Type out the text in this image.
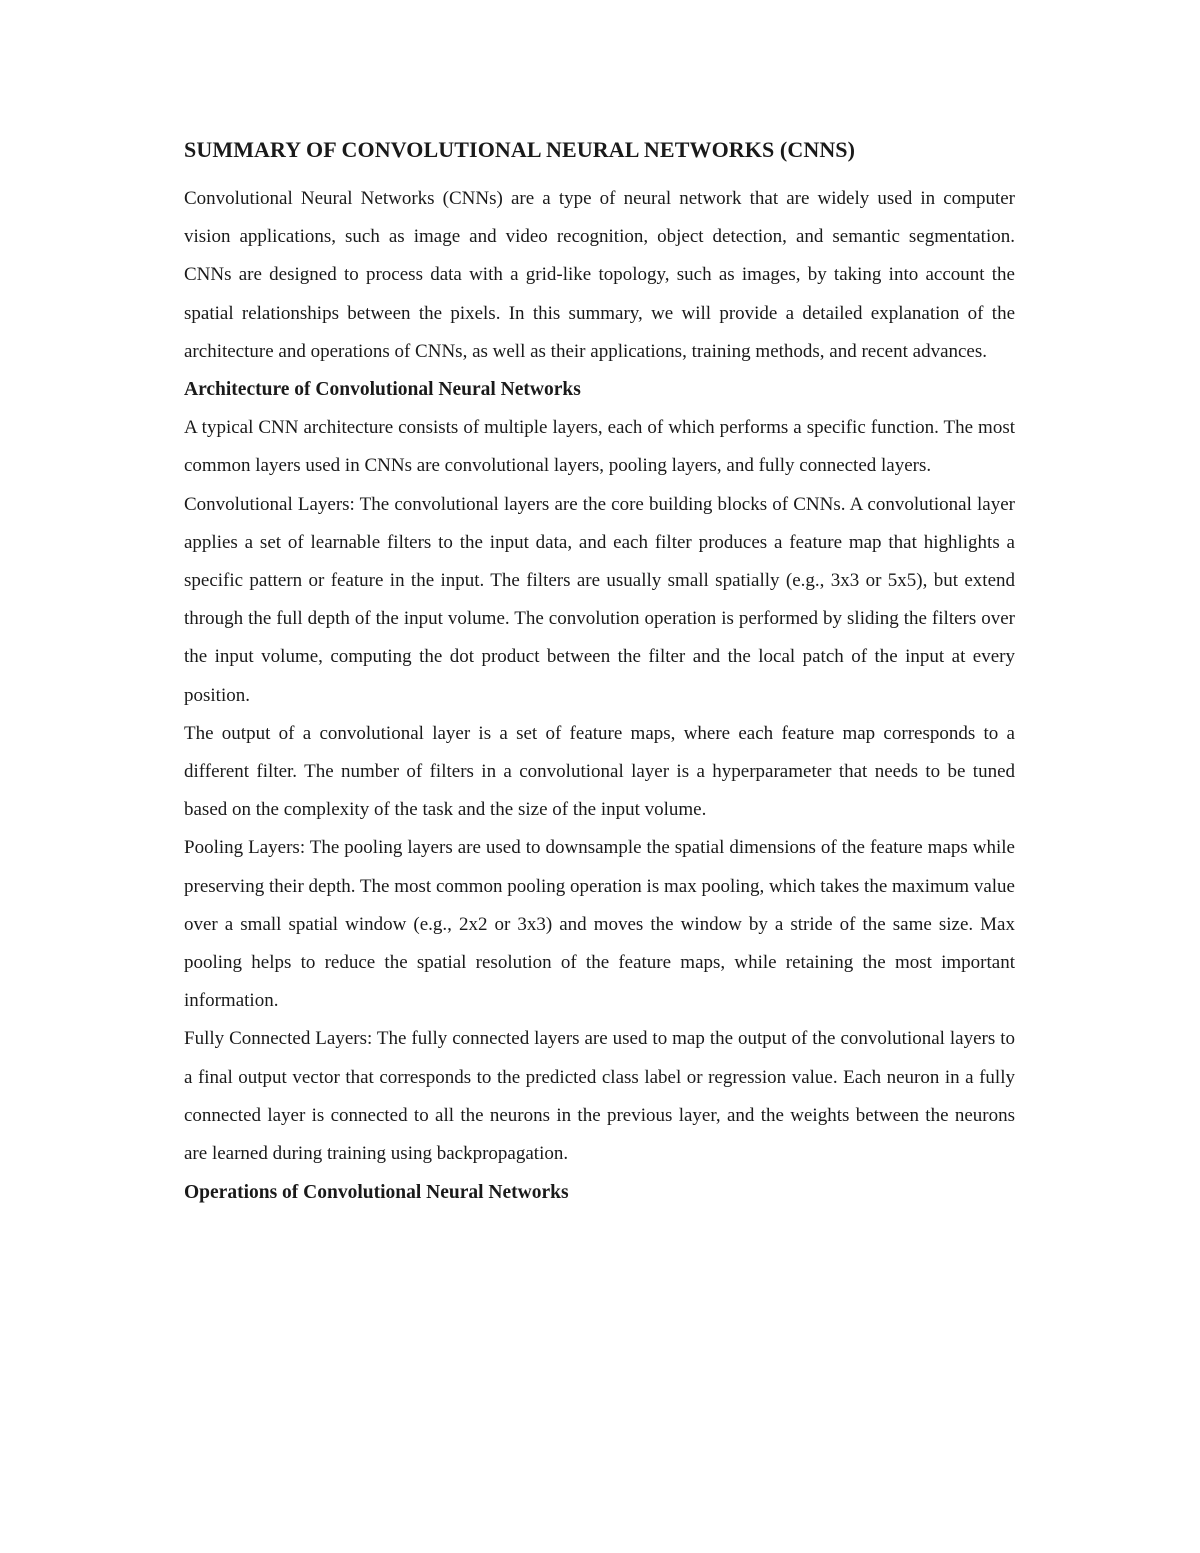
SUMMARY OF CONVOLUTIONAL NEURAL NETWORKS (CNNS)

Convolutional Neural Networks (CNNs) are a type of neural network that are widely used in computer vision applications, such as image and video recognition, object detection, and semantic segmentation. CNNs are designed to process data with a grid-like topology, such as images, by taking into account the spatial relationships between the pixels. In this summary, we will provide a detailed explanation of the architecture and operations of CNNs, as well as their applications, training methods, and recent advances.

Architecture of Convolutional Neural Networks

A typical CNN architecture consists of multiple layers, each of which performs a specific function. The most common layers used in CNNs are convolutional layers, pooling layers, and fully connected layers.

Convolutional Layers: The convolutional layers are the core building blocks of CNNs. A convolutional layer applies a set of learnable filters to the input data, and each filter produces a feature map that highlights a specific pattern or feature in the input. The filters are usually small spatially (e.g., 3x3 or 5x5), but extend through the full depth of the input volume. The convolution operation is performed by sliding the filters over the input volume, computing the dot product between the filter and the local patch of the input at every position.

The output of a convolutional layer is a set of feature maps, where each feature map corresponds to a different filter. The number of filters in a convolutional layer is a hyperparameter that needs to be tuned based on the complexity of the task and the size of the input volume.

Pooling Layers: The pooling layers are used to downsample the spatial dimensions of the feature maps while preserving their depth. The most common pooling operation is max pooling, which takes the maximum value over a small spatial window (e.g., 2x2 or 3x3) and moves the window by a stride of the same size. Max pooling helps to reduce the spatial resolution of the feature maps, while retaining the most important information.

Fully Connected Layers: The fully connected layers are used to map the output of the convolutional layers to a final output vector that corresponds to the predicted class label or regression value. Each neuron in a fully connected layer is connected to all the neurons in the previous layer, and the weights between the neurons are learned during training using backpropagation.

Operations of Convolutional Neural Networks
